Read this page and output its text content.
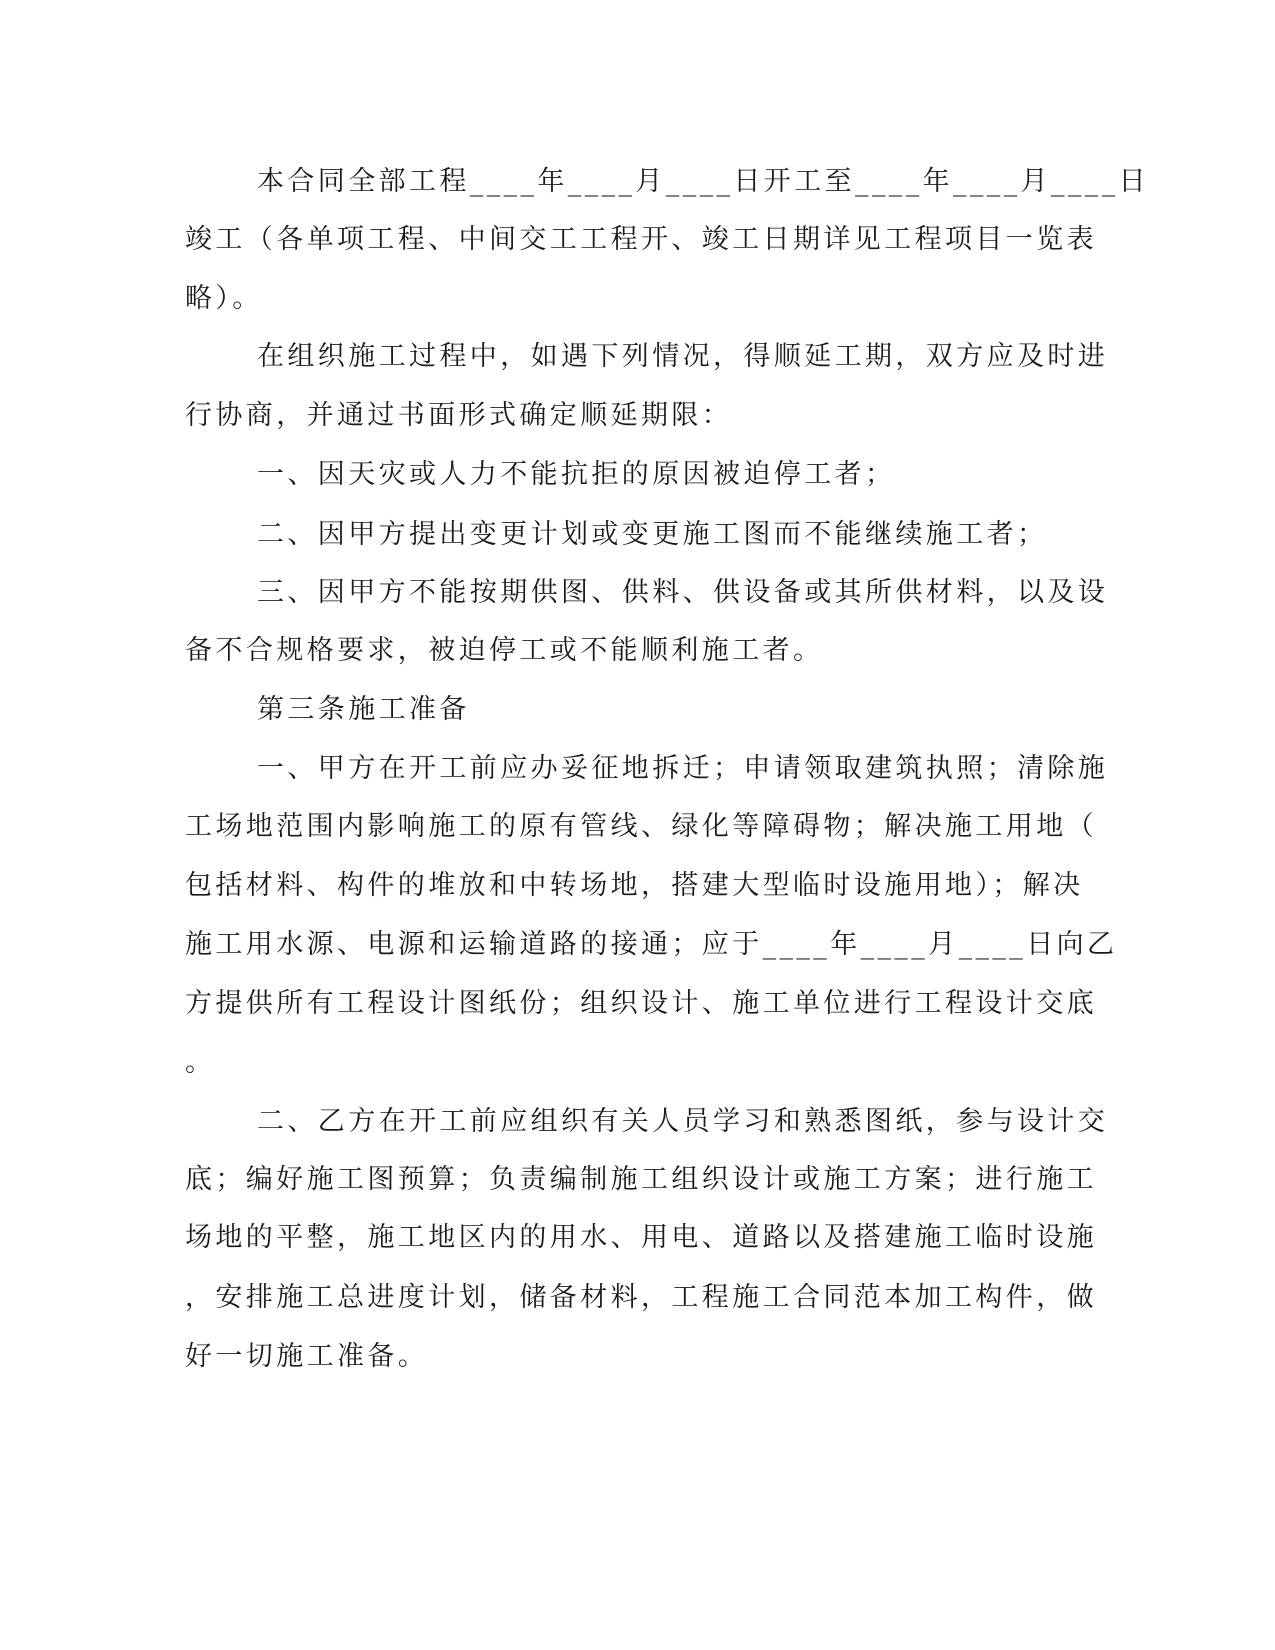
本合同全部工程____年____月____日开工至____年____月____日
竣工（各单项工程、中间交工工程开、竣工日期详见工程项目一览表
略）。
在组织施工过程中，如遇下列情况，得顺延工期，双方应及时进
行协商，并通过书面形式确定顺延期限：
一、因天灾或人力不能抗拒的原因被迫停工者；
二、因甲方提出变更计划或变更施工图而不能继续施工者；
三、因甲方不能按期供图、供料、供设备或其所供材料，以及设
备不合规格要求，被迫停工或不能顺利施工者。
第三条施工准备
一、甲方在开工前应办妥征地拆迁；申请领取建筑执照；清除施
工场地范围内影响施工的原有管线、绿化等障碍物；解决施工用地（
包括材料、构件的堆放和中转场地，搭建大型临时设施用地）；解决
施工用水源、电源和运输道路的接通；应于____年____月____日向乙
方提供所有工程设计图纸份；组织设计、施工单位进行工程设计交底
。
二、乙方在开工前应组织有关人员学习和熟悉图纸，参与设计交
底；编好施工图预算；负责编制施工组织设计或施工方案；进行施工
场地的平整，施工地区内的用水、用电、道路以及搭建施工临时设施
，安排施工总进度计划，储备材料，工程施工合同范本加工构件，做
好一切施工准备。
